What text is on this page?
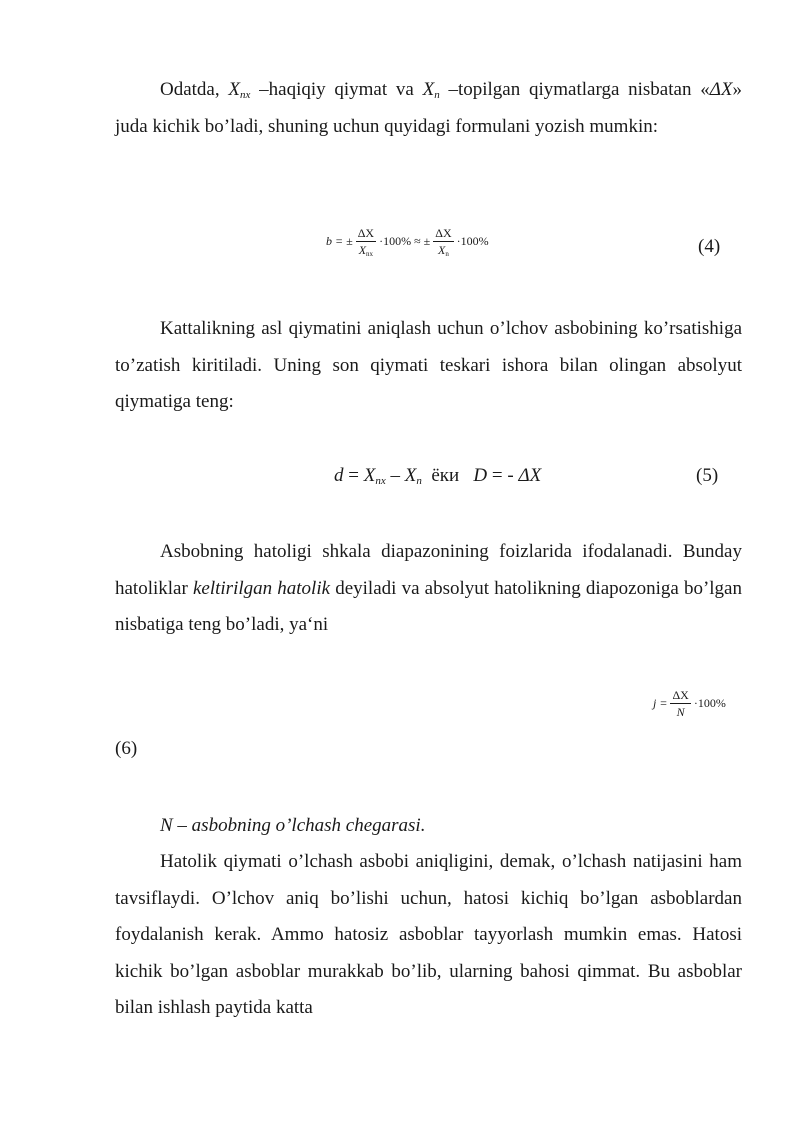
Odatda, $X_{nx}$ –haqiqiy qiymat va $X_n$ –topilgan qiymatlarga nisbatan «ΔX» juda kichik bo’ladi, shuning uchun quyidagi formulani yozish mumkin:

b = ± $\frac{\Delta X}{X_{nx}} \cdot 100\%$ ≈ ± $\frac{\Delta X}{X_n} \cdot 100\%$	(4)

Kattalikning asl qiymatini aniqlash uchun o’lchov asbobining ko’rsatishiga to’zatish kiritiladi. Uning son qiymati teskari ishora bilan olingan absolyut qiymatiga teng:

$d = X_{nx} - X_n$  ёки   D = - ΔX	(5)

Asbobning hatoligi shkala diapazonining foizlarida ifodalanadi. Bunday hatoliklar keltirilgan hatolik deyiladi va absolyut hatolikning diapozoniga bo’lgan nisbatiga teng bo’ladi, ya‘ni

$j = \frac{\Delta X}{N} \cdot 100\%$
(6)

N – asbobning o’lchash chegarasi.

Hatolik qiymati o’lchash asbobi aniqligini, demak, o’lchash natijasini ham tavsiflaydi. O’lchov aniq bo’lishi uchun, hatosi kichiq bo’lgan asboblardan foydalanish kerak. Ammo hatosiz asboblar tayyorlash mumkin emas. Hatosi kichik bo’lgan asboblar murakkab bo’lib, ularning bahosi qimmat. Bu asboblar bilan ishlash paytida katta
